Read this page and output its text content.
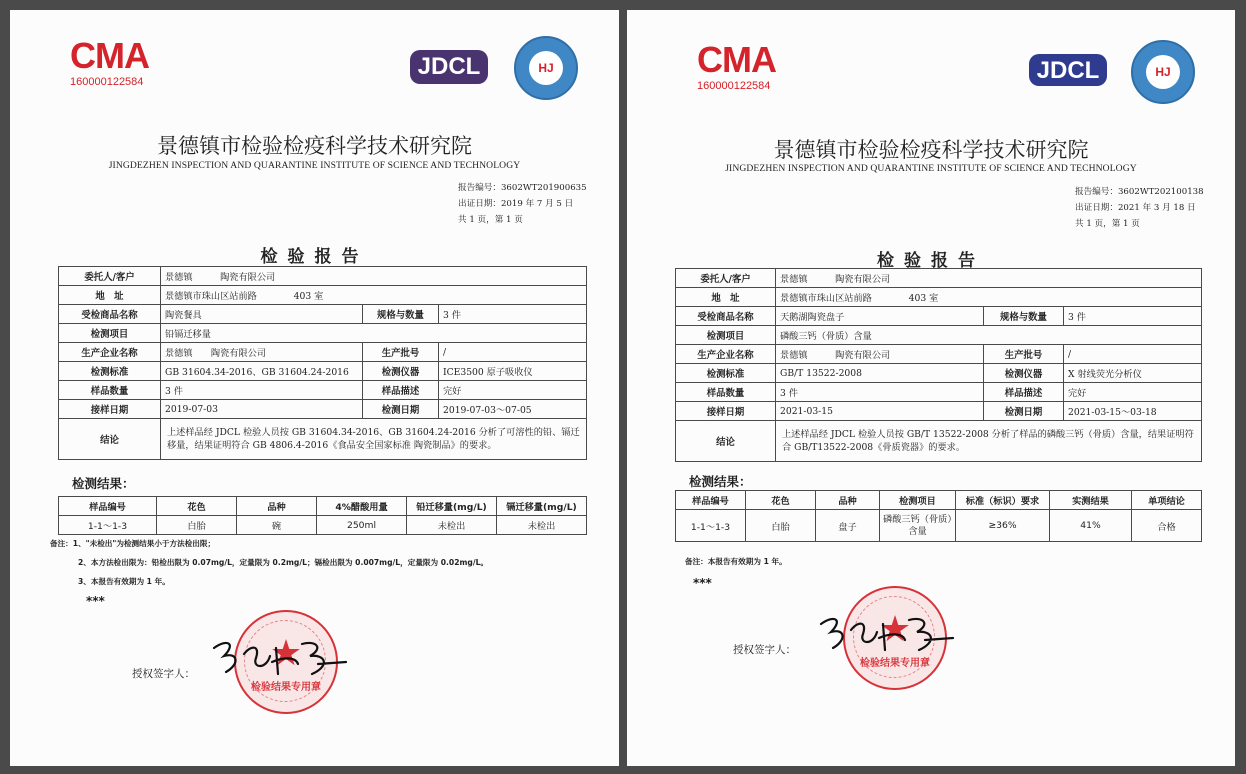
CMA
160000122584
JDCL	HJ
景德镇市检验检疫科学技术研究院
JINGDEZHEN INSPECTION AND QUARANTINE INSTITUTE OF SCIENCE AND TECHNOLOGY
报告编号：3602WT201900635
出证日期：2019 年 7 月 5 日
共 1 页，第 1 页
检验报告
委托人/客户	景德镇　　　陶瓷有限公司		
地　址	景德镇市珠山区站前路　　　　 403 室		
受检商品名称	陶瓷餐具	规格与数量	3 件
检测项目	铅镉迁移量		
生产企业名称	景德镇　　陶瓷有限公司	生产批号	/
检测标准	GB 31604.34-2016、GB 31604.24-2016	检测仪器	ICE3500 原子吸收仪
样品数量	3 件	样品描述	完好
接样日期	2019-07-03	检测日期	2019-07-03～07-05
结论	上述样品经 JDCL 检验人员按 GB 31604.34-2016、GB 31604.24-2016 分析了可溶性的铅、镉迁移量，结果证明符合 GB 4806.4-2016《食品安全国家标准 陶瓷制品》的要求。		
检测结果：
样品编号	花色	品种	4%醋酸用量	铅迁移量(mg/L)	镉迁移量(mg/L)
1-1～1-3	白胎	碗	250ml	未检出	未检出
备注：1、"未检出"为检测结果小于方法检出限；
2、本方法检出限为：铅检出限为 0.07mg/L，定量限为 0.2mg/L；镉检出限为 0.007mg/L，定量限为 0.02mg/L。
3、本报告有效期为 1 年。
***
授权签字人：	★
检验结果专用章
CMA
160000122584
JDCL	HJ
景德镇市检验检疫科学技术研究院
JINGDEZHEN INSPECTION AND QUARANTINE INSTITUTE OF SCIENCE AND TECHNOLOGY
报告编号：3602WT202100138
出证日期：2021 年 3 月 18 日
共 1 页，第 1 页
检验报告
委托人/客户	景德镇　　　陶瓷有限公司		
地　址	景德镇市珠山区站前路　　　　 403 室		
受检商品名称	天鹅湖陶瓷盘子	规格与数量	3 件
检测项目	磷酸三钙（骨质）含量		
生产企业名称	景德镇　　　陶瓷有限公司	生产批号	/
检测标准	GB/T 13522-2008	检测仪器	X 射线荧光分析仪
样品数量	3 件	样品描述	完好
接样日期	2021-03-15	检测日期	2021-03-15～03-18
结论	上述样品经 JDCL 检验人员按 GB/T 13522-2008 分析了样品的磷酸三钙（骨质）含量，结果证明符合 GB/T13522-2008《骨质瓷器》的要求。		
检测结果：
样品编号	花色	品种	检测项目	标准（标识）要求	实测结果	单项结论
1-1～1-3	白胎	盘子	磷酸三钙（骨质）含量	≥36%	41%	合格
备注：本报告有效期为 1 年。
***
授权签字人：	★
检验结果专用章
